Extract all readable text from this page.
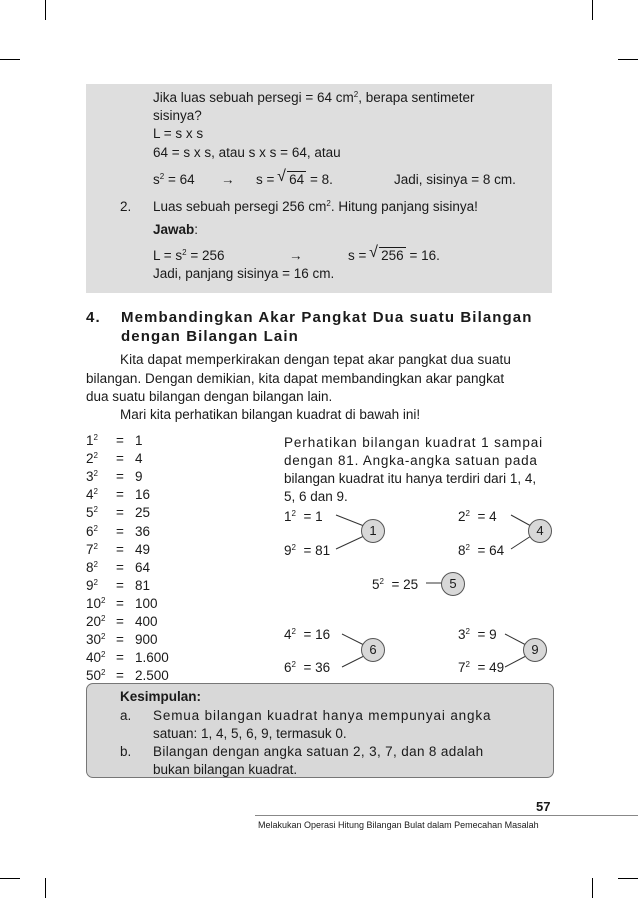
Jika luas sebuah persegi = 64 $cm^2$, berapa sentimeter
sisinya?
L = s x s
64 = s x s, atau s x s = 64, atau
$s^2 = 64 \to s$ = √ 64 = 8.	Jadi, sisinya = 8 cm.
2. Luas sebuah persegi 256 $cm^2$. Hitung panjang sisinya!
Jawab:
$L = s^2 = 256$	→	s = √ 256 = 16.
Jadi, panjang sisinya = 16 cm.
4. Membandingkan Akar Pangkat Dua suatu Bilangan
dengan Bilangan Lain
Kita dapat memperkirakan dengan tepat akar pangkat dua suatu
bilangan. Dengan demikian, kita dapat membandingkan akar pangkat
dua suatu bilangan dengan bilangan lain.
Mari kita perhatikan bilangan kuadrat di bawah ini!
$1^2 = 1$
$2^2 = 4$
$3^2 = 9$
$4^2 = 16$
$5^2 = 25$
$6^2 = 36$
$7^2 = 49$
$8^2 = 64$
$9^2 = 81$
$10^2 = 100$
$20^2 = 400$
$30^2 = 900$
$40^2 = 1.600$
$50^2 = 2.500$
Perhatikan bilangan kuadrat 1 sampai
dengan 81. Angka-angka satuan pada
bilangan kuadrat itu hanya terdiri dari 1, 4,
5, 6 dan 9.
$1^2 = 1$
$9^2 = 81$
1
$2^2 = 4$
$8^2 = 64$
4
$5^2 = 25$	5
$4^2 = 16$
$6^2 = 36$
6
$3^2 = 9$
$7^2 = 49$
9
Kesimpulan:
a. Semua bilangan kuadrat hanya mempunyai angka
satuan: 1, 4, 5, 6, 9, termasuk 0.
b. Bilangan dengan angka satuan 2, 3, 7, dan 8 adalah
bukan bilangan kuadrat.
57
Melakukan Operasi Hitung Bilangan Bulat dalam Pemecahan Masalah
